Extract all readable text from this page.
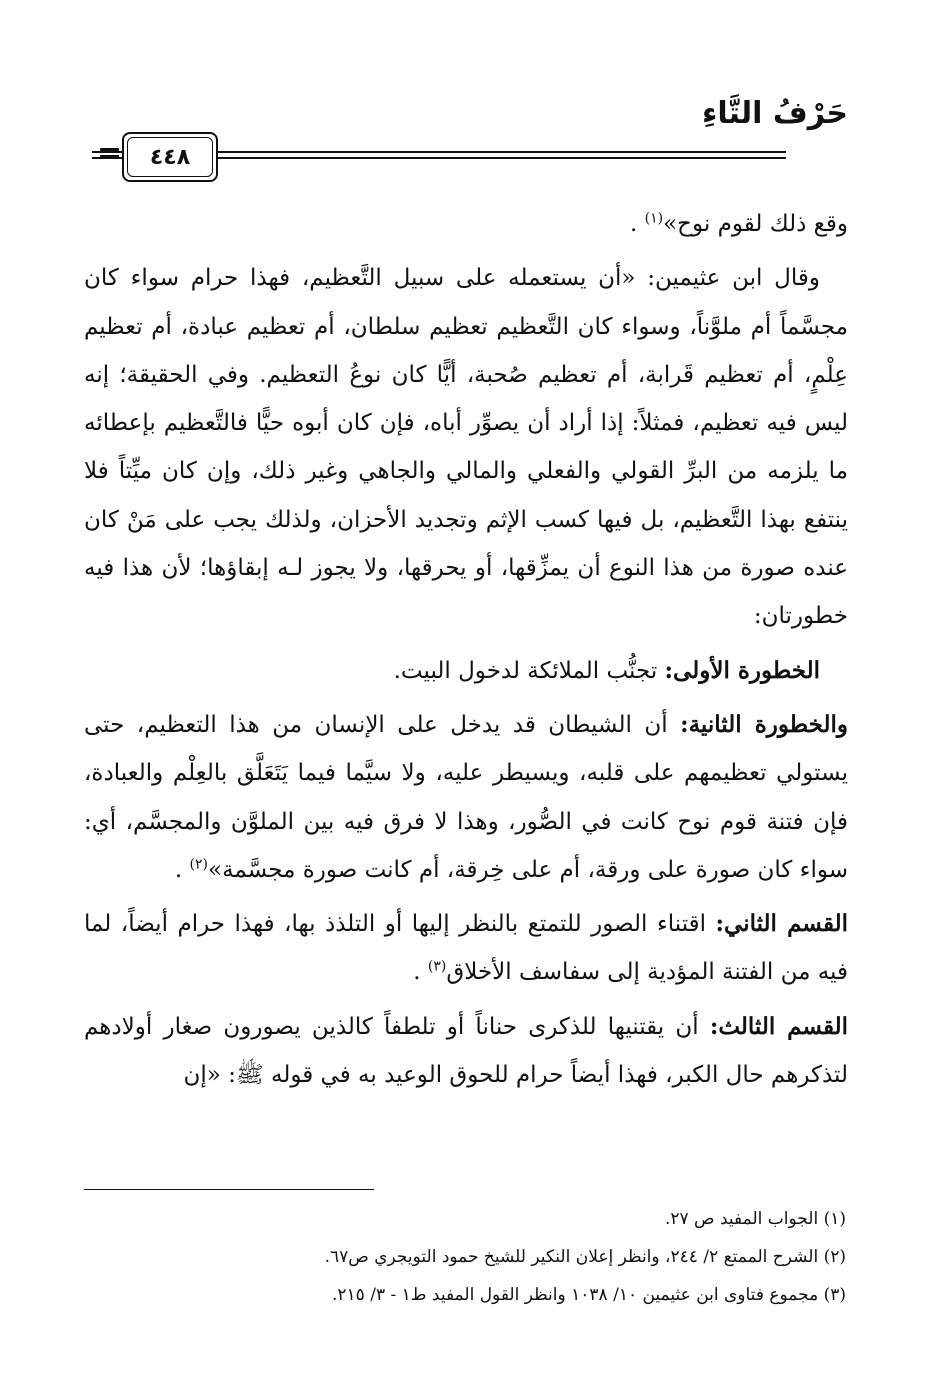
حَرْفُ التَّاءِ
= ٤٤٨

وقع ذلك لقوم نوح»$^{(١)}$ .

وقال ابن عثيمين: «أن يستعمله على سبيل التَّعظيم، فهذا حرام سواء كان مجسَّماً أم ملوَّناً، وسواء كان التَّعظيم تعظيم سلطان، أم تعظيم عبادة، أم تعظيم عِلْمٍ، أم تعظيم قَرابة، أم تعظيم صُحبة، أيًّا كان نوعُ التعظيم. وفي الحقيقة؛ إنه ليس فيه تعظيم، فمثلاً: إذا أراد أن يصوِّر أباه، فإن كان أبوه حيًّا فالتَّعظيم بإعطائه ما يلزمه من البرِّ القولي والفعلي والمالي والجاهي وغير ذلك، وإن كان ميِّتاً فلا ينتفع بهذا التَّعظيم، بل فيها كسب الإثم وتجديد الأحزان، ولذلك يجب على مَنْ كان عنده صورة من هذا النوع أن يمزِّقها، أو يحرقها، ولا يجوز لـه إبقاؤها؛ لأن هذا فيه خطورتان:

الخطورة الأولى: تجنُّب الملائكة لدخول البيت.

والخطورة الثانية: أن الشيطان قد يدخل على الإنسان من هذا التعظيم، حتى يستولي تعظيمهم على قلبه، ويسيطر عليه، ولا سيَّما فيما يَتَعَلَّق بالعِلْم والعبادة، فإن فتنة قوم نوح كانت في الصُّور، وهذا لا فرق فيه بين الملوَّن والمجسَّم، أي: سواء كان صورة على ورقة، أم على خِرقة، أم كانت صورة مجسَّمة»$^{(٢)}$ .

القسم الثاني: اقتناء الصور للتمتع بالنظر إليها أو التلذذ بها، فهذا حرام أيضاً، لما فيه من الفتنة المؤدية إلى سفاسف الأخلاق$^{(٣)}$ .

القسم الثالث: أن يقتنيها للذكرى حناناً أو تلطفاً كالذين يصورون صغار أولادهم لتذكرهم حال الكبر، فهذا أيضاً حرام للحوق الوعيد به في قوله ﷺ: «إن

(١) الجواب المفيد ص ٢٧.
(٢) الشرح الممتع ٢/ ٢٤٤، وانظر إعلان النكير للشيخ حمود التويجري ص٦٧.
(٣) مجموع فتاوى ابن عثيمين ١٠/ ١٠٣٨ وانظر القول المفيد ط١ - ٣/ ٢١٥.
